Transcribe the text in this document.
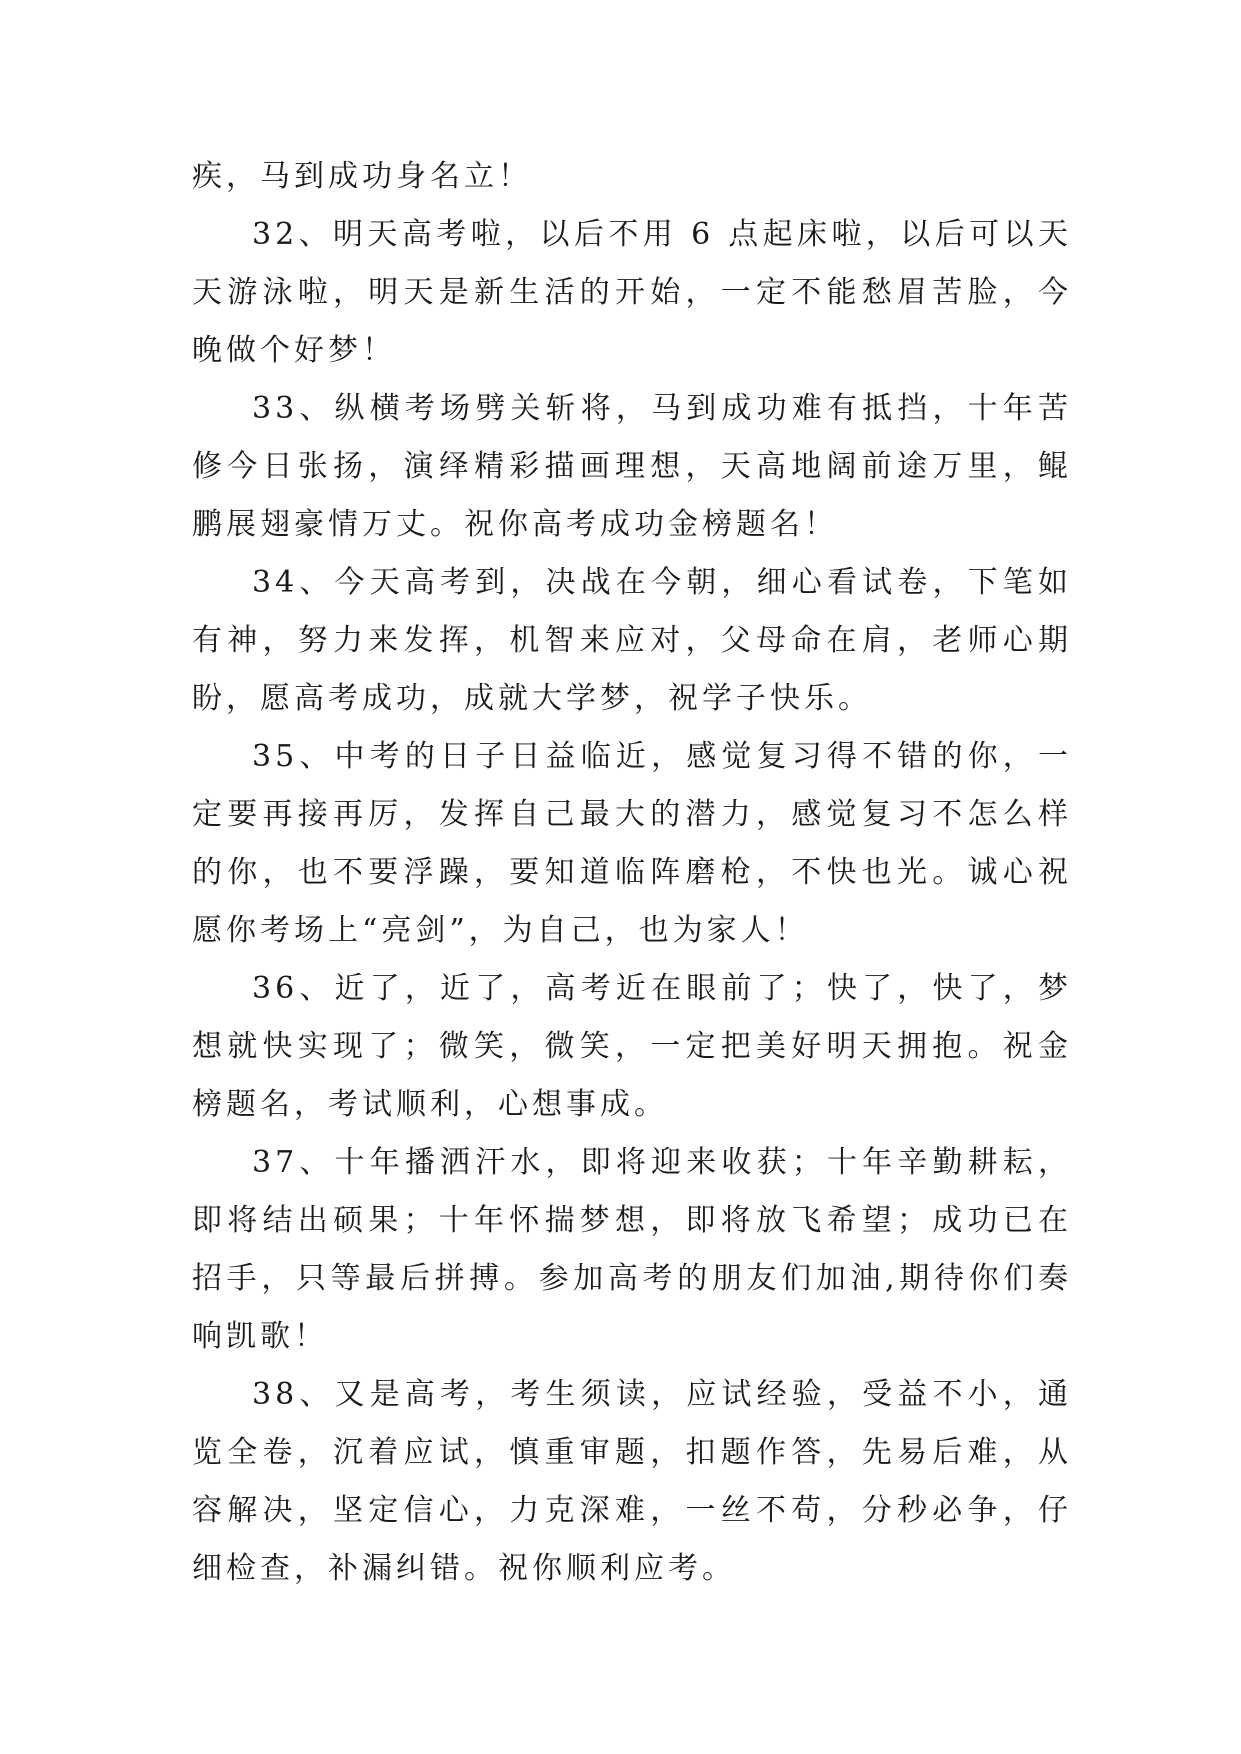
疾，马到成功身名立！

32、明天高考啦，以后不用 6 点起床啦，以后可以天天游泳啦，明天是新生活的开始，一定不能愁眉苦脸，今晚做个好梦！

33、纵横考场劈关斩将，马到成功难有抵挡，十年苦修今日张扬，演绎精彩描画理想，天高地阔前途万里，鲲鹏展翅豪情万丈。祝你高考成功金榜题名！

34、今天高考到，决战在今朝，细心看试卷，下笔如有神，努力来发挥，机智来应对，父母命在肩，老师心期盼，愿高考成功，成就大学梦，祝学子快乐。

35、中考的日子日益临近，感觉复习得不错的你，一定要再接再厉，发挥自己最大的潜力，感觉复习不怎么样的你，也不要浮躁，要知道临阵磨枪，不快也光。诚心祝愿你考场上“亮剑”，为自己，也为家人！

36、近了，近了，高考近在眼前了；快了，快了，梦想就快实现了；微笑，微笑，一定把美好明天拥抱。祝金榜题名，考试顺利，心想事成。

37、十年播洒汗水，即将迎来收获；十年辛勤耕耘，即将结出硕果；十年怀揣梦想，即将放飞希望；成功已在招手，只等最后拼搏。参加高考的朋友们加油,期待你们奏响凯歌！

38、又是高考，考生须读，应试经验，受益不小，通览全卷，沉着应试，慎重审题，扣题作答，先易后难，从容解决，坚定信心，力克深难，一丝不苟，分秒必争，仔细检查，补漏纠错。祝你顺利应考。
